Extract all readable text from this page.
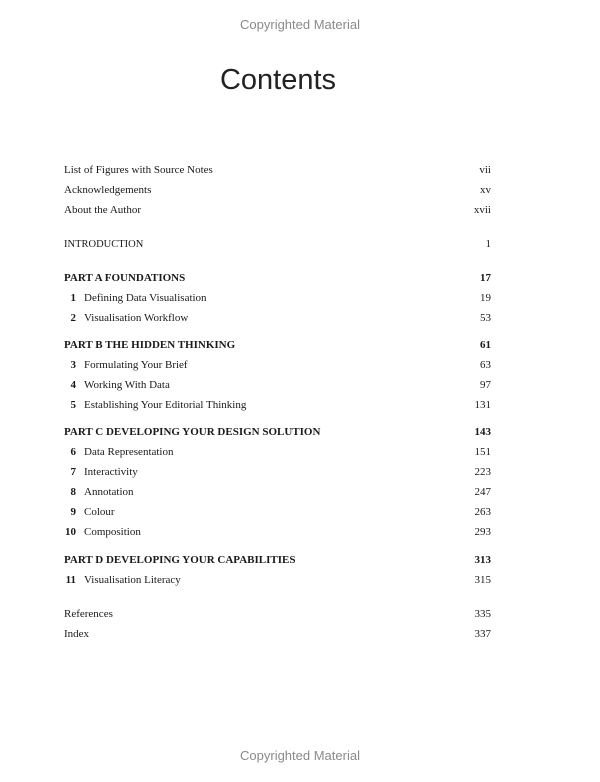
Copyrighted Material
Contents
List of Figures with Source Notes	vii
Acknowledgements	xv
About the Author	xvii
INTRODUCTION	1
PART A FOUNDATIONS	17
1 Defining Data Visualisation	19
2 Visualisation Workflow	53
PART B THE HIDDEN THINKING	61
3 Formulating Your Brief	63
4 Working With Data	97
5 Establishing Your Editorial Thinking	131
PART C DEVELOPING YOUR DESIGN SOLUTION	143
6 Data Representation	151
7 Interactivity	223
8 Annotation	247
9 Colour	263
10 Composition	293
PART D DEVELOPING YOUR CAPABILITIES	313
11 Visualisation Literacy	315
References	335
Index	337
Copyrighted Material
